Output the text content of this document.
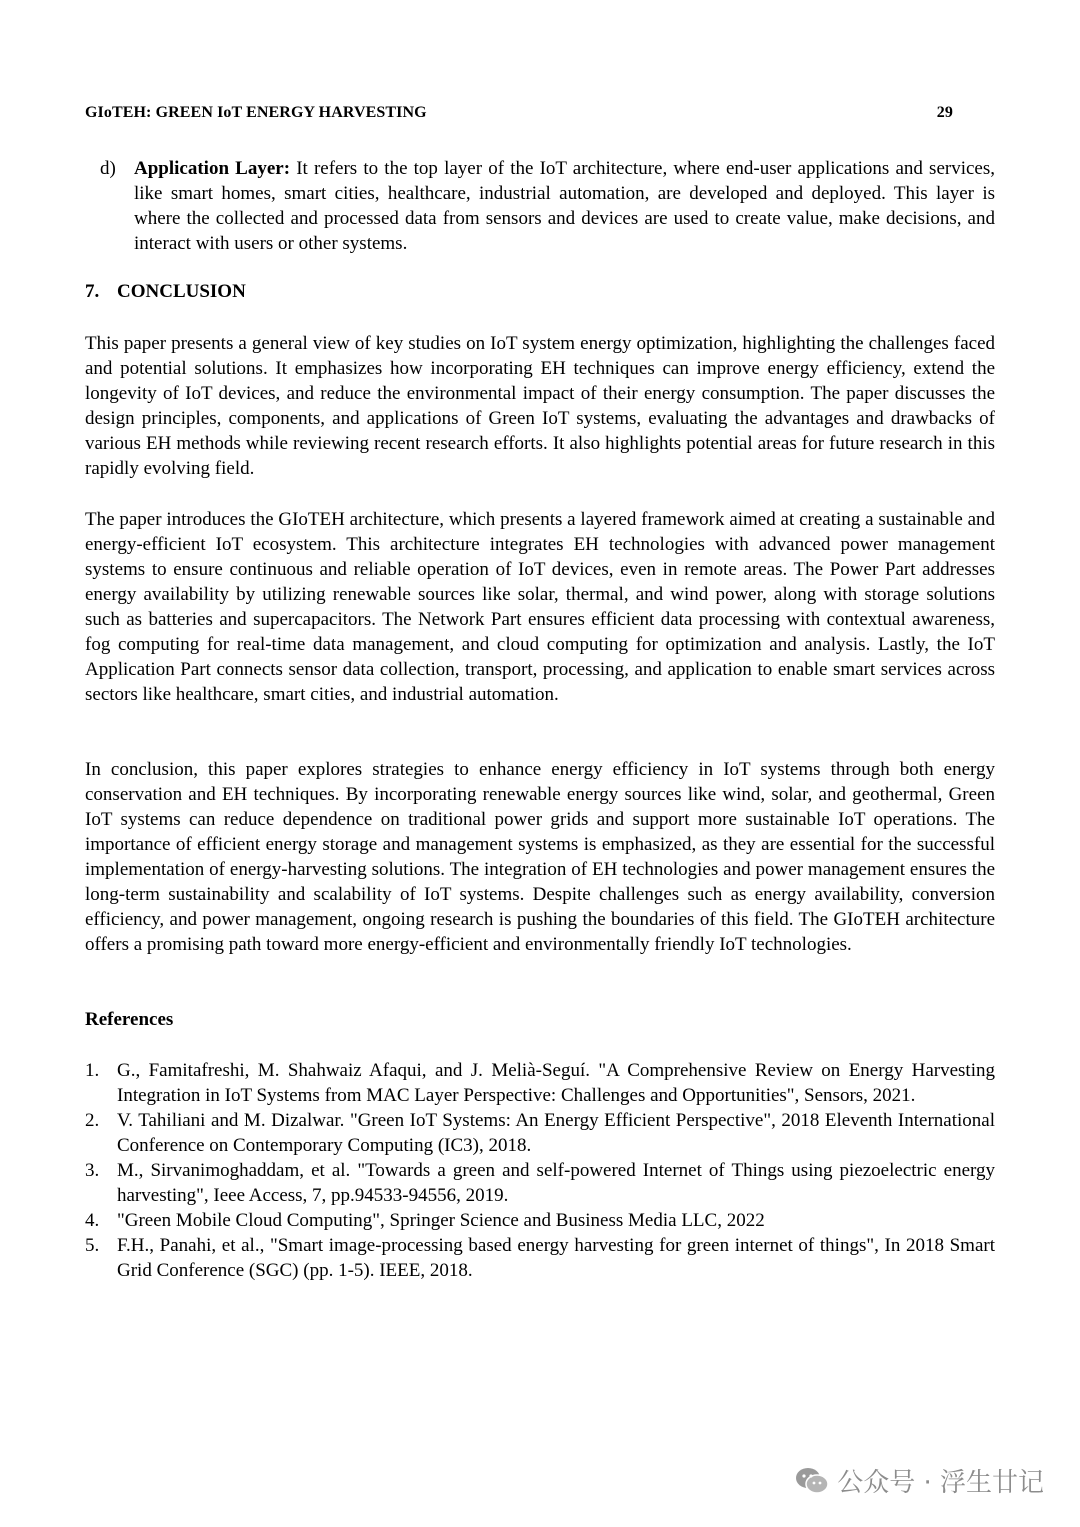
GIoTEH: GREEN IoT ENERGY HARVESTING	29
d) Application Layer: It refers to the top layer of the IoT architecture, where end-user applications and services, like smart homes, smart cities, healthcare, industrial automation, are developed and deployed. This layer is where the collected and processed data from sensors and devices are used to create value, make decisions, and interact with users or other systems.
7. CONCLUSION

This paper presents a general view of key studies on IoT system energy optimization, highlighting the challenges faced and potential solutions. It emphasizes how incorporating EH techniques can improve energy efficiency, extend the longevity of IoT devices, and reduce the environmental impact of their energy consumption. The paper discusses the design principles, components, and applications of Green IoT systems, evaluating the advantages and drawbacks of various EH methods while reviewing recent research efforts. It also highlights potential areas for future research in this rapidly evolving field.

The paper introduces the GIoTEH architecture, which presents a layered framework aimed at creating a sustainable and energy-efficient IoT ecosystem. This architecture integrates EH technologies with advanced power management systems to ensure continuous and reliable operation of IoT devices, even in remote areas. The Power Part addresses energy availability by utilizing renewable sources like solar, thermal, and wind power, along with storage solutions such as batteries and supercapacitors. The Network Part ensures efficient data processing with contextual awareness, fog computing for real-time data management, and cloud computing for optimization and analysis. Lastly, the IoT Application Part connects sensor data collection, transport, processing, and application to enable smart services across sectors like healthcare, smart cities, and industrial automation.

In conclusion, this paper explores strategies to enhance energy efficiency in IoT systems through both energy conservation and EH techniques. By incorporating renewable energy sources like wind, solar, and geothermal, Green IoT systems can reduce dependence on traditional power grids and support more sustainable IoT operations. The importance of efficient energy storage and management systems is emphasized, as they are essential for the successful implementation of energy-harvesting solutions. The integration of EH technologies and power management ensures the long-term sustainability and scalability of IoT systems. Despite challenges such as energy availability, conversion efficiency, and power management, ongoing research is pushing the boundaries of this field. The GIoTEH architecture offers a promising path toward more energy-efficient and environmentally friendly IoT technologies.

References
1. G., Famitafreshi, M. Shahwaiz Afaqui, and J. Melià-Seguí. "A Comprehensive Review on Energy Harvesting Integration in IoT Systems from MAC Layer Perspective: Challenges and Opportunities", Sensors, 2021.
2. V. Tahiliani and M. Dizalwar. "Green IoT Systems: An Energy Efficient Perspective", 2018 Eleventh International Conference on Contemporary Computing (IC3), 2018.
3. M., Sirvanimoghaddam, et al. "Towards a green and self-powered Internet of Things using piezoelectric energy harvesting", Ieee Access, 7, pp.94533-94556, 2019.
4. "Green Mobile Cloud Computing", Springer Science and Business Media LLC, 2022
5. F.H., Panahi, et al., "Smart image-processing based energy harvesting for green internet of things", In 2018 Smart Grid Conference (SGC) (pp. 1-5). IEEE, 2018.
公众号 · 浮生廿记
